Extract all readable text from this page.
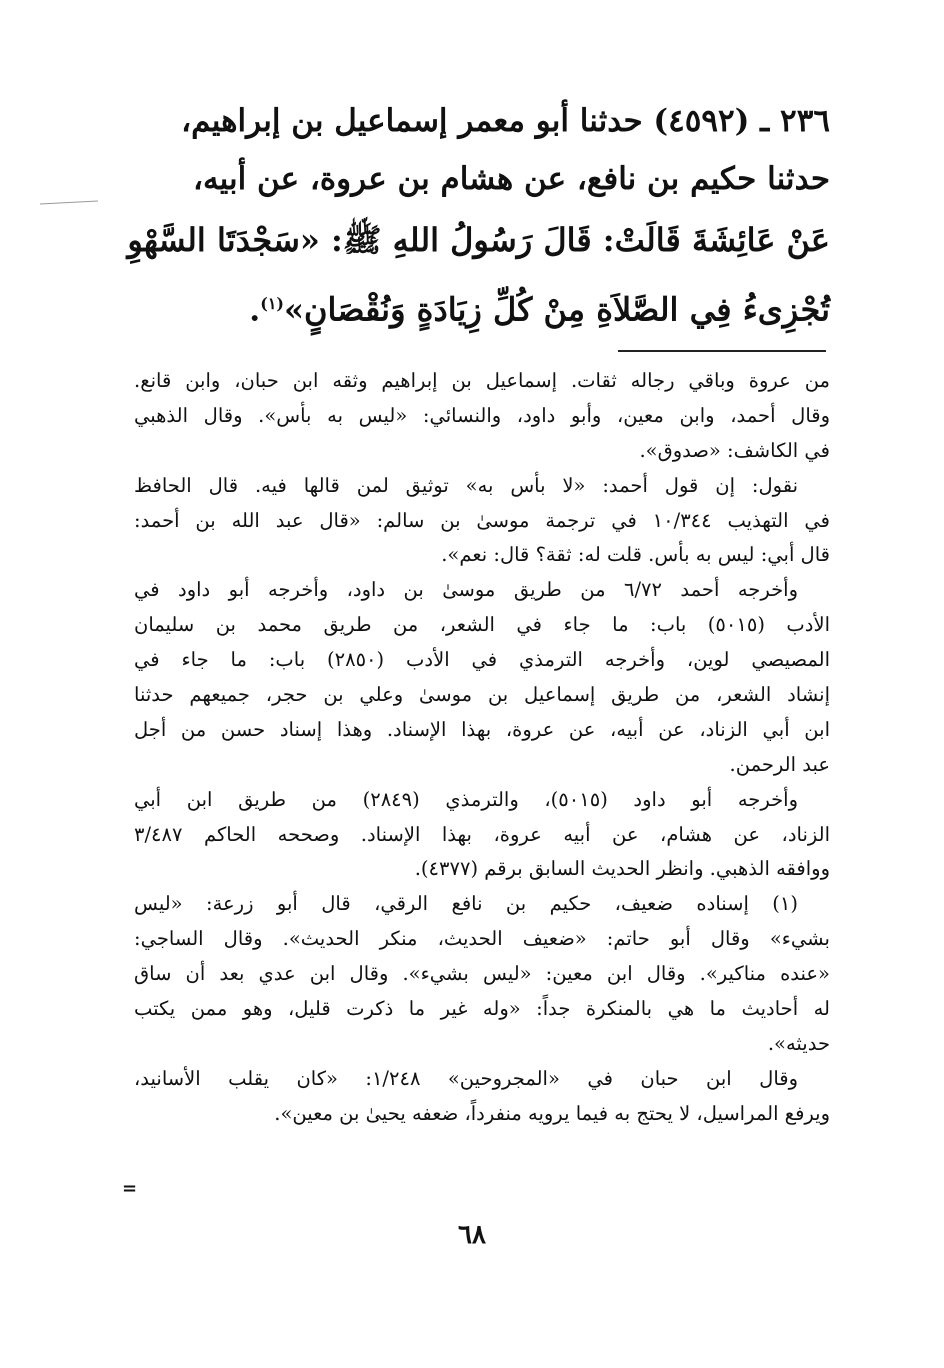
٢٣٦ ـ (٤٥٩٢) حدثنا أبو معمر إسماعيل بن إبراهيم،
حدثنا حكيم بن نافع، عن هشام بن عروة، عن أبيه،
عَنْ عَائِشَةَ قَالَتْ: قَالَ رَسُولُ اللهِ ﷺ: «سَجْدَتَا السَّهْوِ
تُجْزِىءُ فِي الصَّلاَةِ مِنْ كُلِّ زِيَادَةٍ وَنُقْصَانٍ»$^{(١)}$.
من عروة وباقي رجاله ثقات. إسماعيل بن إبراهيم وثقه ابن حبان، وابن قانع.
وقال أحمد، وابن معين، وأبو داود، والنسائي: «ليس به بأس». وقال الذهبي
في الكاشف: «صدوق».
نقول: إن قول أحمد: «لا بأس به» توثيق لمن قالها فيه. قال الحافظ
في التهذيب ١٠/٣٤٤ في ترجمة موسىٰ بن سالم: «قال عبد الله بن أحمد:
قال أبي: ليس به بأس. قلت له: ثقة؟ قال: نعم».
وأخرجه أحمد ٦/٧٢ من طريق موسىٰ بن داود، وأخرجه أبو داود في
الأدب (٥٠١٥) باب: ما جاء في الشعر، من طريق محمد بن سليمان
المصيصي لوين، وأخرجه الترمذي في الأدب (٢٨٥٠) باب: ما جاء في
إنشاد الشعر، من طريق إسماعيل بن موسىٰ وعلي بن حجر، جميعهم حدثنا
ابن أبي الزناد، عن أبيه، عن عروة، بهذا الإسناد. وهذا إسناد حسن من أجل
عبد الرحمن.
وأخرجه أبو داود (٥٠١٥)، والترمذي (٢٨٤٩) من طريق ابن أبي
الزناد، عن هشام، عن أبيه عروة، بهذا الإسناد. وصححه الحاكم ٣/٤٨٧
ووافقه الذهبي. وانظر الحديث السابق برقم (٤٣٧٧).
(١) إسناده ضعيف، حكيم بن نافع الرقي، قال أبو زرعة: «ليس
بشيء» وقال أبو حاتم: «ضعيف الحديث، منكر الحديث». وقال الساجي:
«عنده مناكير». وقال ابن معين: «ليس بشيء». وقال ابن عدي بعد أن ساق
له أحاديث ما هي بالمنكرة جداً: «وله غير ما ذكرت قليل، وهو ممن يكتب
حديثه».
وقال ابن حبان في «المجروحين» ١/٢٤٨: «كان يقلب الأسانيد،
ويرفع المراسيل، لا يحتج به فيما يرويه منفرداً، ضعفه يحيىٰ بن معين».
=
٦٨
